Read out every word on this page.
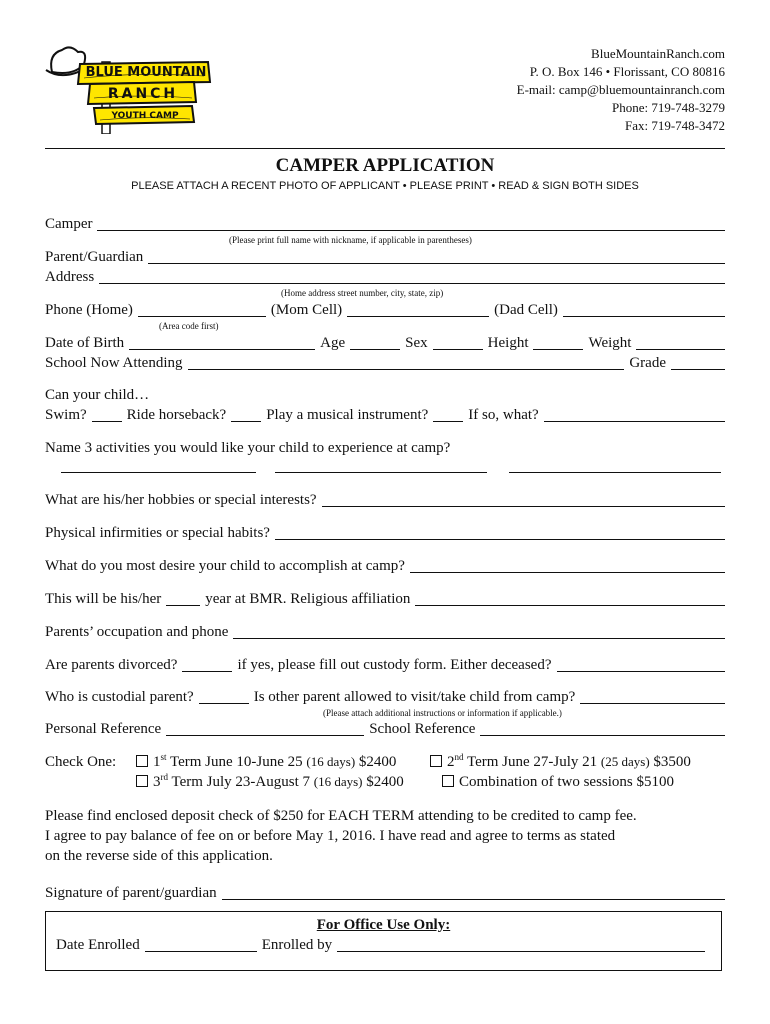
BLUE MOUNTAIN
RANCH
YOUTH CAMP
BlueMountainRanch.com
P. O. Box 146 • Florissant, CO 80816
E-mail: camp@bluemountainranch.com
Phone: 719-748-3279
Fax: 719-748-3472
CAMPER APPLICATION
PLEASE ATTACH A RECENT PHOTO OF APPLICANT • PLEASE PRINT • READ & SIGN BOTH SIDES
Camper
(Please print full name with nickname, if applicable in parentheses)
Parent/Guardian
Address
(Home address street number, city, state, zip)
Phone (Home)	(Mom Cell)	(Dad Cell)
(Area code first)
Date of Birth	Age	Sex	Height	Weight
School Now Attending	Grade
Can your child…
Swim?	Ride horseback?	Play a musical instrument?	If so, what?
Name 3 activities you would like your child to experience at camp?
What are his/her hobbies or special interests?
Physical infirmities or special habits?
What do you most desire your child to accomplish at camp?
This will be his/her	year at BMR. Religious affiliation
Parents’ occupation and phone
Are parents divorced?	if yes, please fill out custody form. Either deceased?
Who is custodial parent?	Is other parent allowed to visit/take child from camp?
(Please attach additional instructions or information if applicable.)
Personal Reference	School Reference
Check One:	1st Term June 10-June 25 (16 days) $2400	2nd Term June 27-July 21 (25 days) $3500
3rd Term July 23-August 7 (16 days) $2400	Combination of two sessions $5100
Please find enclosed deposit check of $250 for EACH TERM attending to be credited to camp fee.
I agree to pay balance of fee on or before May 1, 2016. I have read and agree to terms as stated
on the reverse side of this application.
Signature of parent/guardian
For Office Use Only:
Date Enrolled	Enrolled by
